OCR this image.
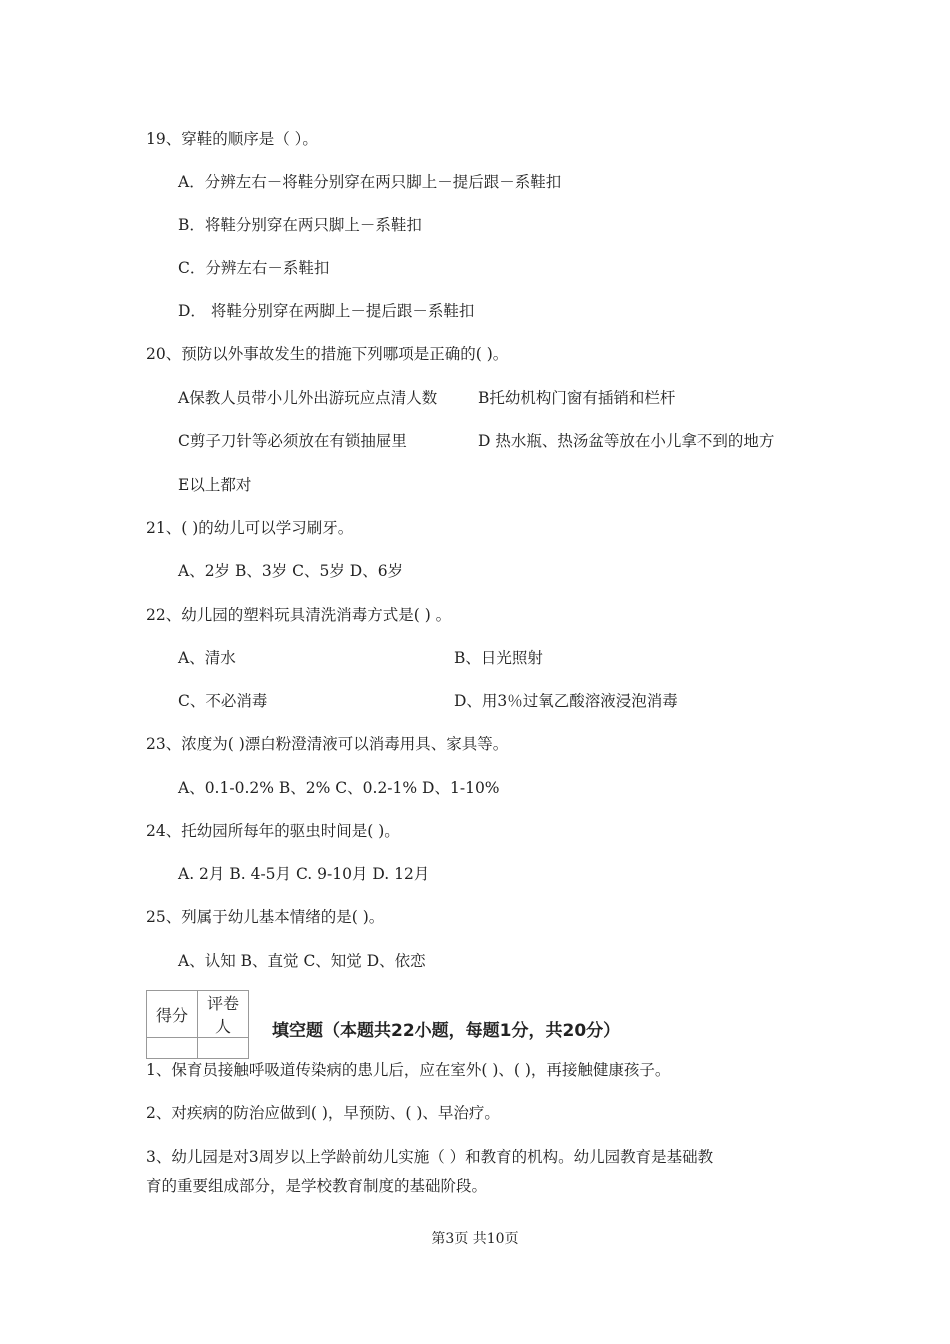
19、穿鞋的顺序是（ ）。
A．分辨左右－将鞋分别穿在两只脚上－提后跟－系鞋扣
B．将鞋分别穿在两只脚上－系鞋扣
C．分辨左右－系鞋扣
D． 将鞋分别穿在两脚上－提后跟－系鞋扣
20、预防以外事故发生的措施下列哪项是正确的( )。
A保教人员带小儿外出游玩应点清人数	B托幼机构门窗有插销和栏杆
C剪子刀针等必须放在有锁抽屉里	D 热水瓶、热汤盆等放在小儿拿不到的地方
E以上都对
21、( )的幼儿可以学习刷牙。
A、2岁 B、3岁 C、5岁 D、6岁
22、幼儿园的塑料玩具清洗消毒方式是( ) 。
A、清水	B、日光照射
C、不必消毒	D、用3％过氧乙酸溶液浸泡消毒
23、浓度为( )漂白粉澄清液可以消毒用具、家具等。
A、0.1-0.2% B、2% C、0.2-1% D、1-10%
24、托幼园所每年的驱虫时间是( )。
A. 2月 B. 4-5月 C. 9-10月 D. 12月
25、列属于幼儿基本情绪的是( )。
A、认知 B、直觉 C、知觉 D、依恋
得分	评卷人
	填空题（本题共22小题，每题1分，共20分）
1、保育员接触呼吸道传染病的患儿后，应在室外( )、( )，再接触健康孩子。
2、对疾病的防治应做到( )，早预防、( )、早治疗。
3、幼儿园是对3周岁以上学龄前幼儿实施（ ）和教育的机构。幼儿园教育是基础教
育的重要组成部分，是学校教育制度的基础阶段。
第3页 共10页
